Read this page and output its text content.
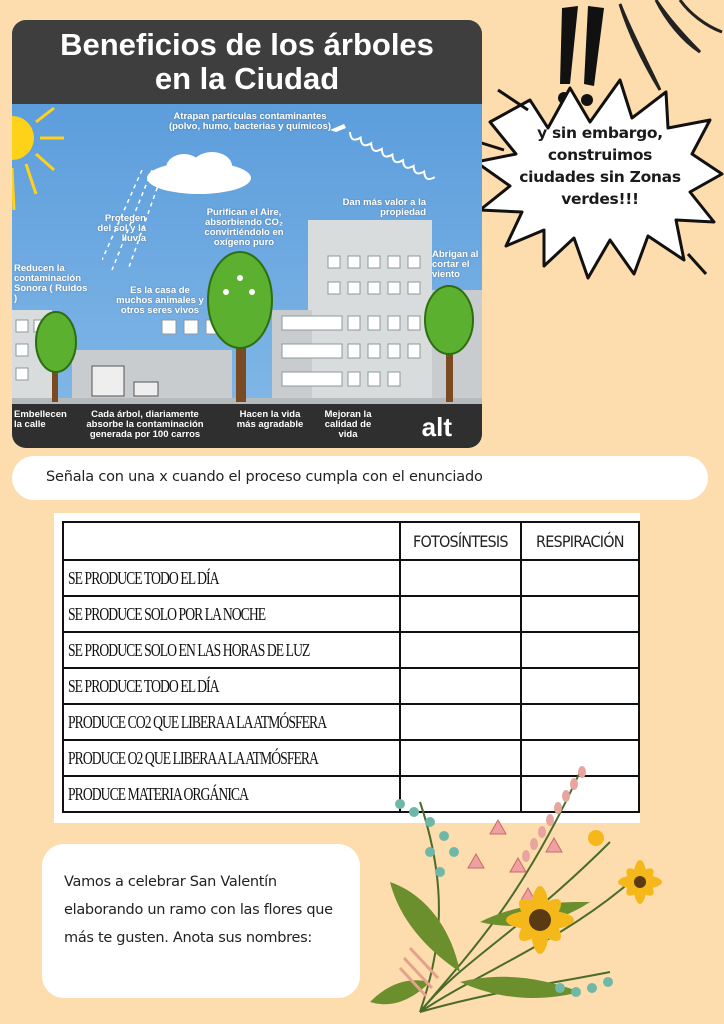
y sin embargo,
construimos
ciudades sin Zonas
verdes!!!
Beneficios de los árboles
en la Ciudad
Atrapan partículas contaminantes
(polvo, humo, bacterias y químicos)
Protegen del sol y la lluvia
Purifican el Aire, absorbiendo CO₂ convirtiéndolo en oxígeno puro
Dan más valor a la propiedad
Abrigan al cortar el viento
Reducen la contaminación Sonora ( Ruidos )
Es la casa de muchos animales y otros seres vivos
Embellecen la calle
Cada árbol, diariamente absorbe la contaminación generada por 100 carros
Hacen la vida más agradable
Mejoran la calidad de vida	alt
Señala con una x cuando el proceso cumpla con el enunciado
	FOTOSÍNTESIS	RESPIRACIÓN
SE PRODUCE TODO EL DÍA		
SE PRODUCE SOLO POR LA NOCHE		
SE PRODUCE SOLO EN LAS HORAS DE LUZ		
SE PRODUCE TODO EL DÍA		
PRODUCE CO2 QUE LIBERA A LA ATMÓSFERA		
PRODUCE O2 QUE LIBERA A LA ATMÓSFERA		
PRODUCE MATERIA ORGÁNICA		
Vamos a celebrar San Valentín elaborando un ramo con las flores que más te gusten. Anota sus nombres:
